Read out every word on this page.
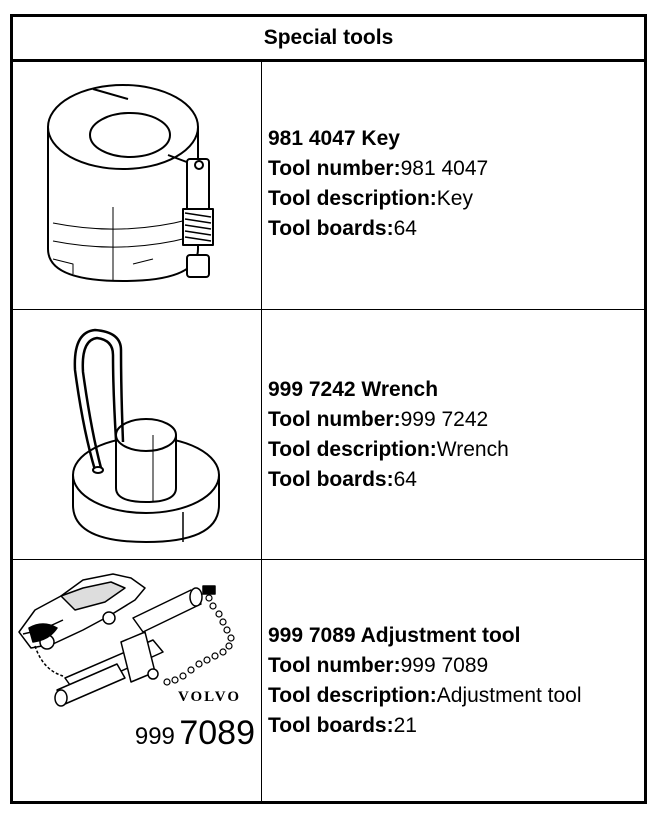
Special tools
981 4047 Key
Tool number:981 4047
Tool description:Key
Tool boards:64
999 7242 Wrench
Tool number:999 7242
Tool description:Wrench
Tool boards:64
VOLVO
999 7089
999 7089 Adjustment tool
Tool number:999 7089
Tool description:Adjustment tool
Tool boards:21
